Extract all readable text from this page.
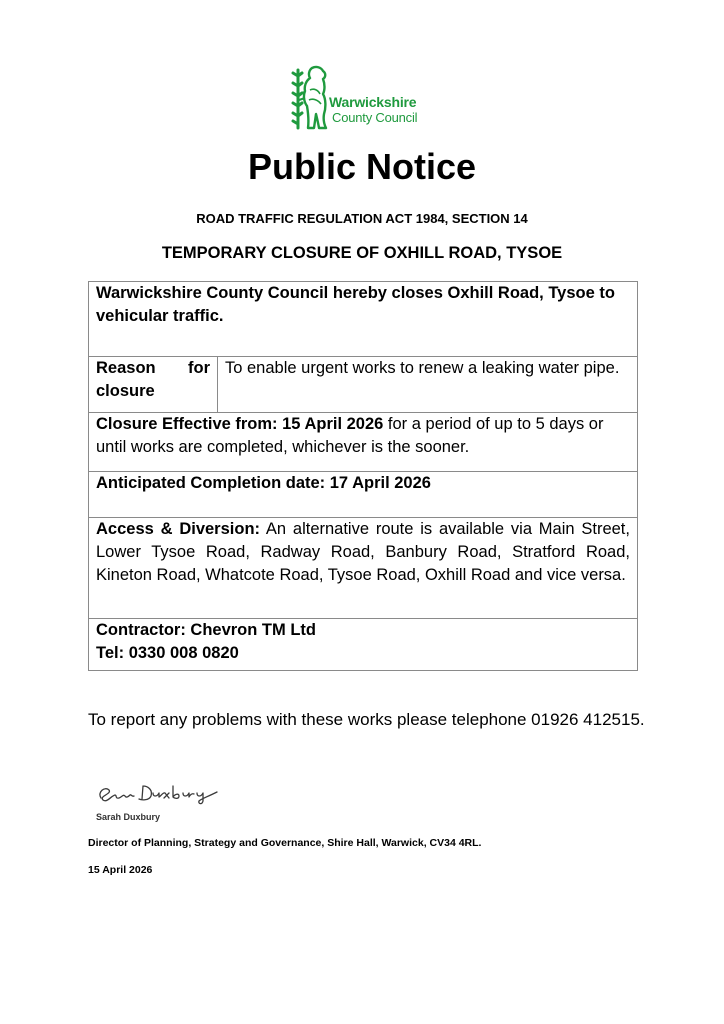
Warwickshire
County Council
Public Notice
ROAD TRAFFIC REGULATION ACT 1984, SECTION 14
TEMPORARY CLOSURE OF OXHILL ROAD, TYSOE
Warwickshire County Council hereby closes Oxhill Road, Tysoe to vehicular traffic.
Reason for closure	To enable urgent works to renew a leaking water pipe.
Closure Effective from: 15 April 2026 for a period of up to 5 days or until works are completed, whichever is the sooner.
Anticipated Completion date: 17 April 2026
Access & Diversion: An alternative route is available via Main Street, Lower Tysoe Road, Radway Road, Banbury Road, Stratford Road, Kineton Road, Whatcote Road, Tysoe Road, Oxhill Road and vice versa.

Contractor: Chevron TM Ltd
Tel: 0330 008 0820
To report any problems with these works please telephone 01926 412515.
Sarah Duxbury
Director of Planning, Strategy and Governance, Shire Hall, Warwick, CV34 4RL.
15 April 2026
